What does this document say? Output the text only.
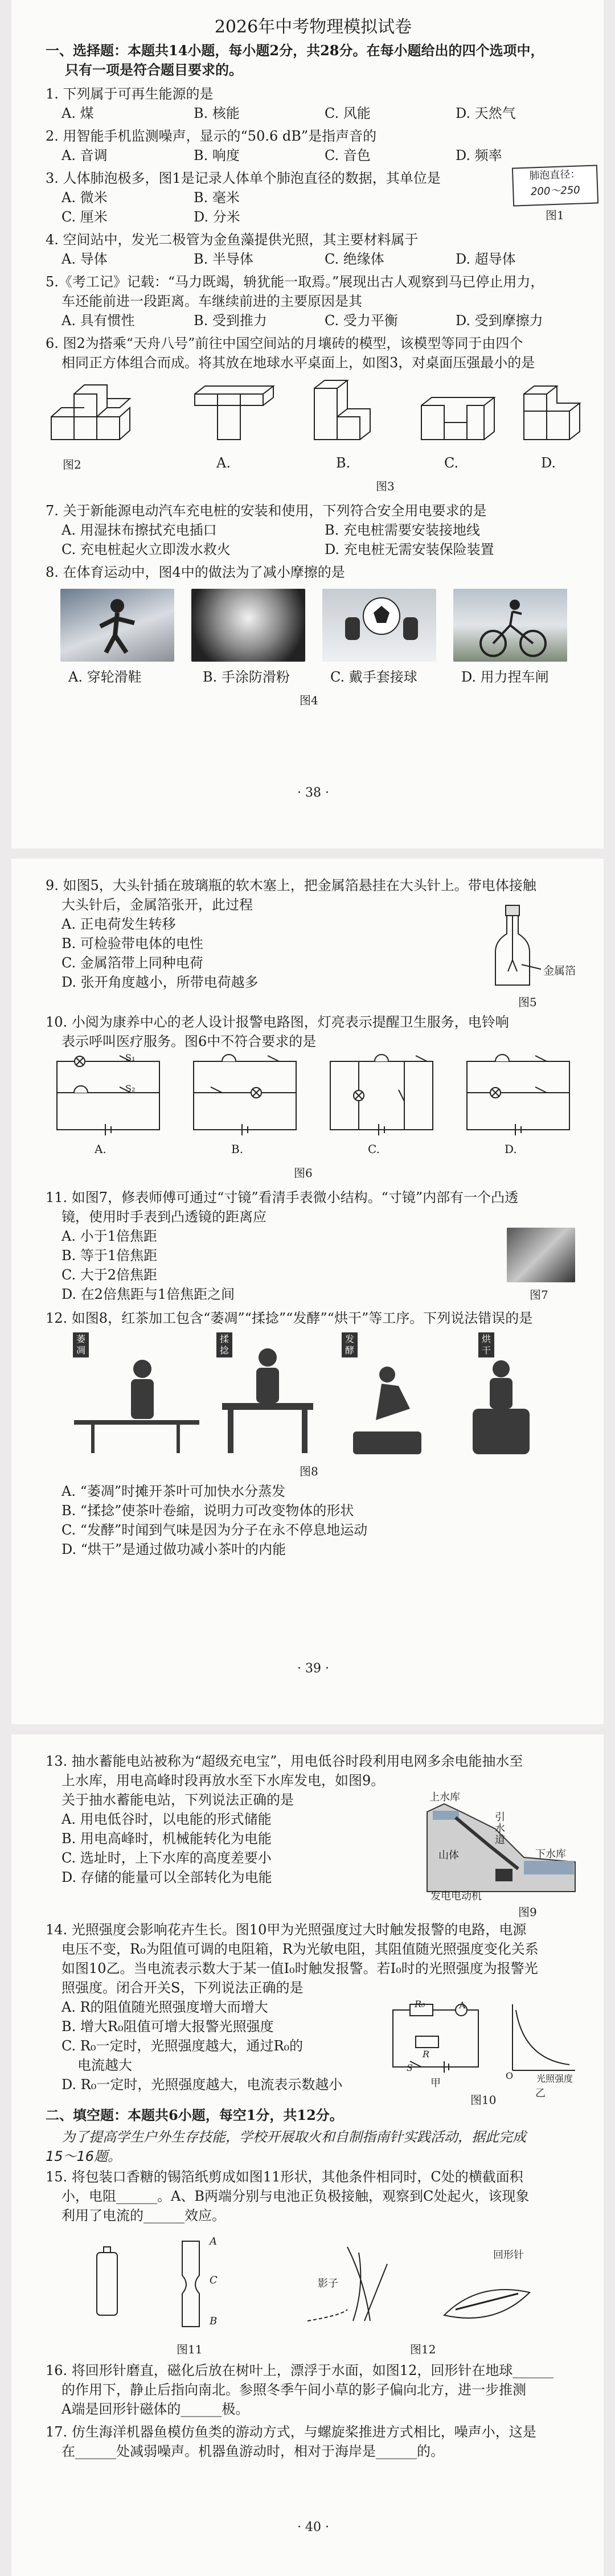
2026年中考物理模拟试卷
一、选择题：本题共14小题，每小题2分，共28分。在每小题给出的四个选项中，
只有一项是符合题目要求的。
1. 下列属于可再生能源的是
A. 煤	B. 核能	C. 风能	D. 天然气
2. 用智能手机监测噪声，显示的“50.6 dB”是指声音的
A. 音调	B. 响度	C. 音色	D. 频率
3. 人体肺泡极多，图1是记录人体单个肺泡直径的数据，其单位是
A. 微米	B. 毫米
C. 厘米	D. 分米
肺泡直径：
200～250
图1
4. 空间站中，发光二极管为金鱼藻提供光照，其主要材料属于
A. 导体	B. 半导体	C. 绝缘体	D. 超导体
5.《考工记》记载：“马力既竭，辀犹能一取焉。”展现出古人观察到马已停止用力，
车还能前进一段距离。车继续前进的主要原因是其
A. 具有惯性	B. 受到推力	C. 受力平衡	D. 受到摩擦力
6. 图2为搭乘“天舟八号”前往中国空间站的月壤砖的模型，该模型等同于由四个
相同正方体组合而成。将其放在地球水平桌面上，如图3，对桌面压强最小的是
图2	A.	B.	C.	D.
图3
7. 关于新能源电动汽车充电桩的安装和使用，下列符合安全用电要求的是
A. 用湿抹布擦拭充电插口	B. 充电桩需要安装接地线
C. 充电桩起火立即泼水救火	D. 充电桩无需安装保险装置
8. 在体育运动中，图4中的做法为了减小摩擦的是
A. 穿轮滑鞋	B. 手涂防滑粉	C. 戴手套接球	D. 用力捏车闸
图4
· 38 ·
9. 如图5，大头针插在玻璃瓶的软木塞上，把金属箔悬挂在大头针上。带电体接触
大头针后，金属箔张开，此过程
A. 正电荷发生转移
B. 可检验带电体的电性
C. 金属箔带上同种电荷
D. 张开角度越小，所带电荷越多
金属箔
图5
10. 小阅为康养中心的老人设计报警电路图，灯亮表示提醒卫生服务，电铃响
表示呼叫医疗服务。图6中不符合要求的是
S₁
S₂
A.	B.	C.	D.
图6
11. 如图7，修表师傅可通过“寸镜”看清手表微小结构。“寸镜”内部有一个凸透
镜，使用时手表到凸透镜的距离应
A. 小于1倍焦距
B. 等于1倍焦距
C. 大于2倍焦距
D. 在2倍焦距与1倍焦距之间	图7
12. 如图8，红茶加工包含“萎凋”“揉捻”“发酵”“烘干”等工序。下列说法错误的是
萎凋
揉捻
发酵
烘干
图8
A. “萎凋”时摊开茶叶可加快水分蒸发
B. “揉捻”使茶叶卷縮，说明力可改变物体的形状
C. “发酵”时闻到气味是因为分子在永不停息地运动
D. “烘干”是通过做功减小茶叶的内能
· 39 ·
13. 抽水蓄能电站被称为“超级充电宝”，用电低谷时段利用电网多余电能抽水至
上水库，用电高峰时段再放水至下水库发电，如图9。
关于抽水蓄能电站，下列说法正确的是
A. 用电低谷时，以电能的形式储能
B. 用电高峰时，机械能转化为电能
C. 选址时，上下水库的高度差要小
D. 存储的能量可以全部转化为电能
上水库
引水道
山体	下水库
发电电动机
图9
14. 光照强度会影响花卉生长。图10甲为光照强度过大时触发报警的电路，电源
电压不变，R₀为阻值可调的电阻箱，R为光敏电阻，其阻值随光照强度变化关系
如图10乙。当电流表示数大于某一值I₀时触发报警。若I₀时的光照强度为报警光
照强度。闭合开关S，下列说法正确的是
A. R的阻值随光照强度增大而增大
B. 增大R₀阻值可增大报警光照强度
C. R₀一定时，光照强度越大，通过R₀的
电流越大
D. R₀一定时，光照强度越大，电流表示数越小
A
R₀
R
S
甲
O	光照强度
乙
图10
二、填空题：本题共6小题，每空1分，共12分。
为了提高学生户外生存技能，学校开展取火和自制指南针实践活动，据此完成
15～16题。
15. 将包装口香糖的锡箔纸剪成如图11形状，其他条件相同时，C处的横截面积
小，电阻______。A、B两端分别与电池正负极接触，观察到C处起火，该现象
利用了电流的______效应。
A
C
B
影子
回形针
图11	图12
16. 将回形针磨直，磁化后放在树叶上，漂浮于水面，如图12，回形针在地球______
的作用下，静止后指向南北。参照冬季午间小草的影子偏向北方，进一步推测
A端是回形针磁体的______极。
17. 仿生海洋机器鱼模仿鱼类的游动方式，与螺旋桨推进方式相比，噪声小，这是
在______处减弱噪声。机器鱼游动时，相对于海岸是______的。
· 40 ·
